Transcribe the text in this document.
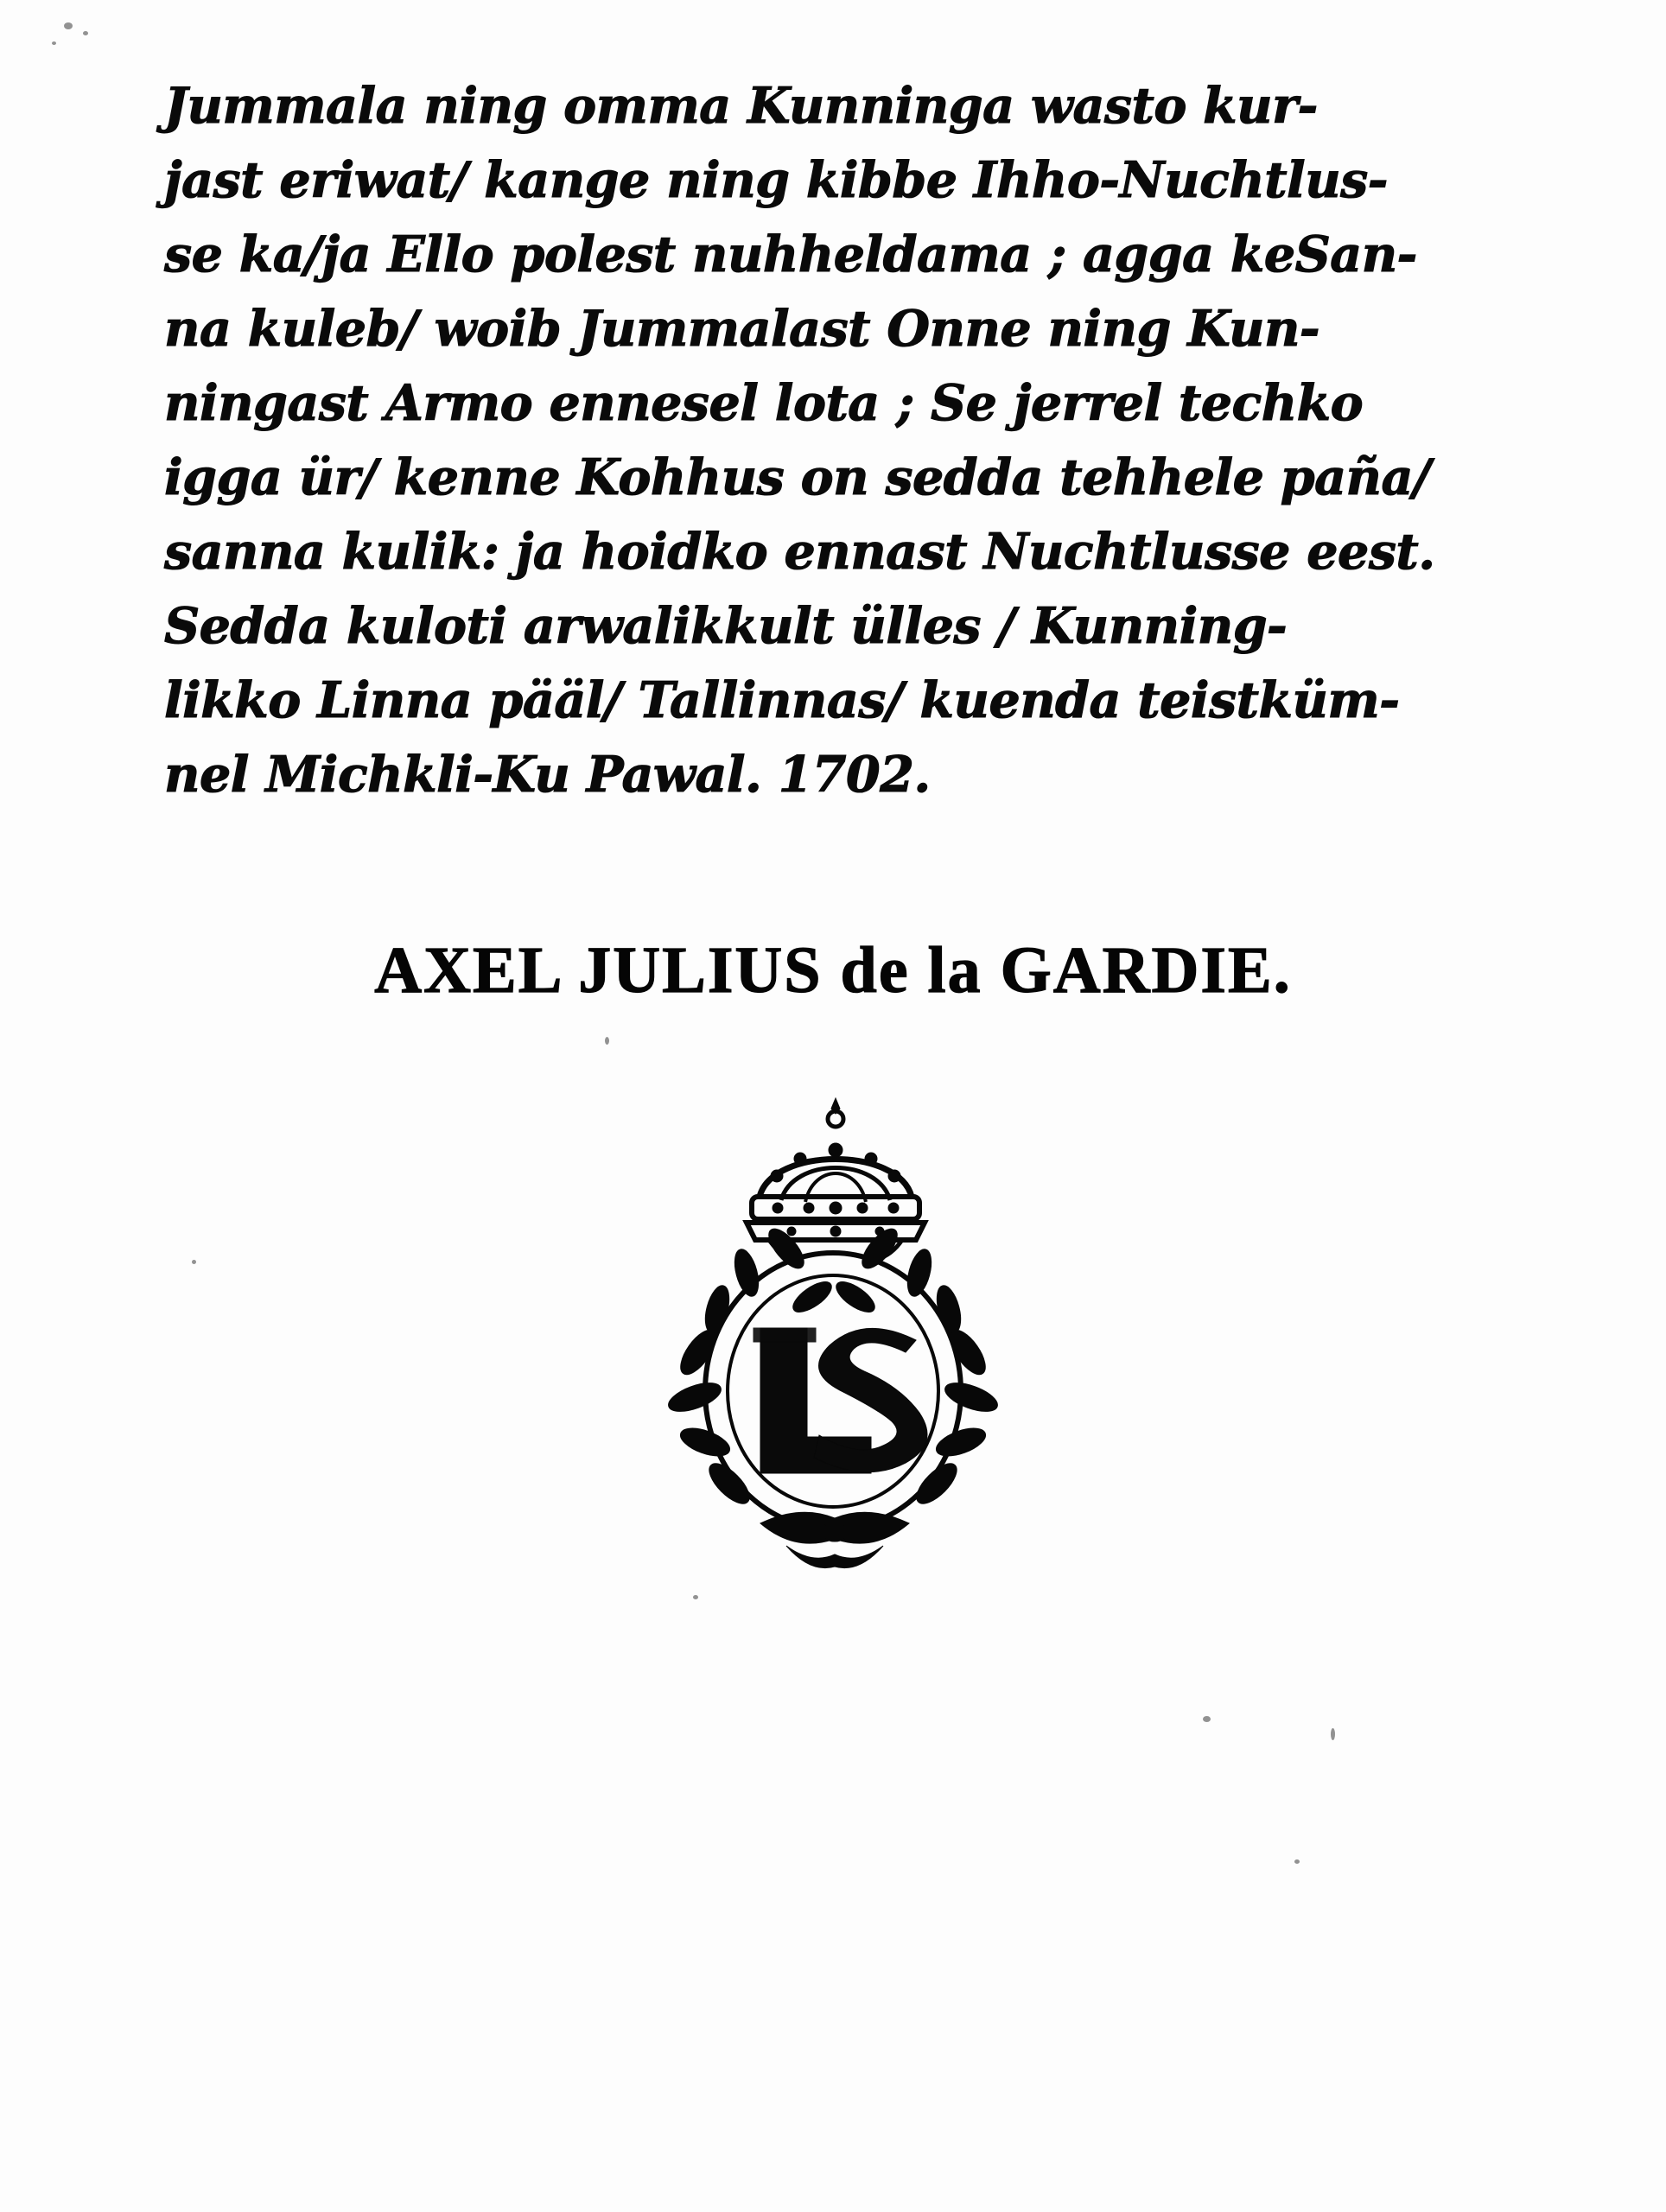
Jummala ning omma Kunninga wasto kur-
jast eriwat/ kange ning kibbe Ihho-Nuchtlus-
se ka/ja Ello polest nuhheldama ; agga keSan-
na kuleb/ woib Jummalast Onne ning Kun-
ningast Armo ennesel lota ; Se jerrel techko
igga ür/ kenne Kohhus on sedda tehhele paña/
sanna kulik: ja hoidko ennast Nuchtlusse eest.
Sedda kuloti arwalikkult ülles / Kunning-
likko Linna pääl/ Tallinnas/ kuenda teistküm-
nel Michkli-Ku Pawal. 1702.
AXEL JULIUS de la GARDIE.
